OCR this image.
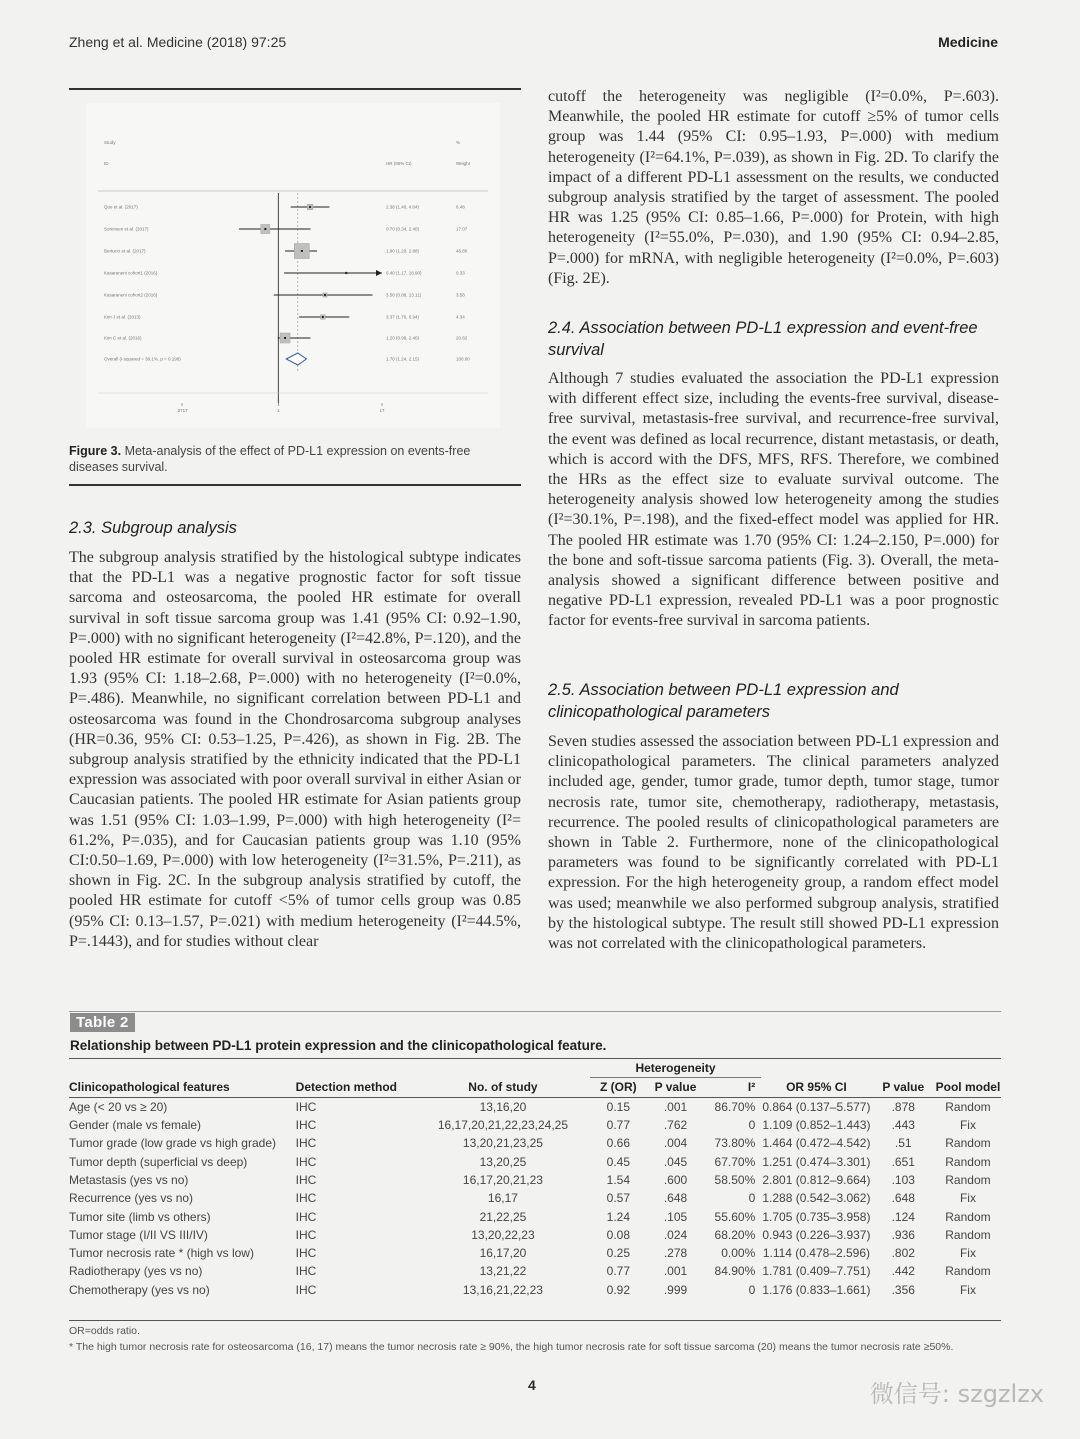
Zheng et al. Medicine (2018) 97:25	Medicine
Study
ID	HR (95% CI)
%
Weight
Que et al. (2017)	2.38 (1.40, 4.04)	6.48
Sorensen et al. (2017)	0.70 (0.34, 2.40)	17.07
Bertucci et al. (2017)	1.90 (1.20, 2.88)	46.80
Kasaraneni cohort1 (2016)	6.40 (1.17, 18.90)	0.33
Kasaraneni cohort2 (2016)	3.58 (0.88, 13.11)	3.58
Kim J et al. (2013)	3.37 (1.76, 6.94)	4.34
Kim C et al. (2016)	1.20 (0.98, 2.40)	20.82
Overall (I-squared = 30.1%, p = 0.198)	1.70 (1.24, 2.15)	100.00
.0717	1	17
Figure 3. Meta-analysis of the effect of PD-L1 expression on events-free diseases survival.
2.3. Subgroup analysis
The subgroup analysis stratified by the histological subtype indicates that the PD-L1 was a negative prognostic factor for soft tissue sarcoma and osteosarcoma, the pooled HR estimate for overall survival in soft tissue sarcoma group was 1.41 (95% CI: 0.92–1.90, P=.000) with no significant heterogeneity (I²=42.8%, P=.120), and the pooled HR estimate for overall survival in osteosarcoma group was 1.93 (95% CI: 1.18–2.68, P=.000) with no heterogeneity (I²=0.0%, P=.486). Meanwhile, no significant correlation between PD-L1 and osteosarcoma was found in the Chondrosarcoma subgroup analyses (HR=0.36, 95% CI: 0.53–1.25, P=.426), as shown in Fig. 2B. The subgroup analysis stratified by the ethnicity indicated that the PD-L1 expression was associated with poor overall survival in either Asian or Caucasian patients. The pooled HR estimate for Asian patients group was 1.51 (95% CI: 1.03–1.99, P=.000) with high heterogeneity (I²= 61.2%, P=.035), and for Caucasian patients group was 1.10 (95% CI:0.50–1.69, P=.000) with low heterogeneity (I²=31.5%, P=.211), as shown in Fig. 2C. In the subgroup analysis stratified by cutoff, the pooled HR estimate for cutoff <5% of tumor cells group was 0.85 (95% CI: 0.13–1.57, P=.021) with medium heterogeneity (I²=44.5%, P=.1443), and for studies without clear
cutoff the heterogeneity was negligible (I²=0.0%, P=.603). Meanwhile, the pooled HR estimate for cutoff ≥5% of tumor cells group was 1.44 (95% CI: 0.95–1.93, P=.000) with medium heterogeneity (I²=64.1%, P=.039), as shown in Fig. 2D. To clarify the impact of a different PD-L1 assessment on the results, we conducted subgroup analysis stratified by the target of assessment. The pooled HR was 1.25 (95% CI: 0.85–1.66, P=.000) for Protein, with high heterogeneity (I²=55.0%, P=.030), and 1.90 (95% CI: 0.94–2.85, P=.000) for mRNA, with negligible heterogeneity (I²=0.0%, P=.603) (Fig. 2E).
2.4. Association between PD-L1 expression and event-free survival
Although 7 studies evaluated the association the PD-L1 expression with different effect size, including the events-free survival, disease-free survival, metastasis-free survival, and recurrence-free survival, the event was defined as local recurrence, distant metastasis, or death, which is accord with the DFS, MFS, RFS. Therefore, we combined the HRs as the effect size to evaluate survival outcome. The heterogeneity analysis showed low heterogeneity among the studies (I²=30.1%, P=.198), and the fixed-effect model was applied for HR. The pooled HR estimate was 1.70 (95% CI: 1.24–2.150, P=.000) for the bone and soft-tissue sarcoma patients (Fig. 3). Overall, the meta-analysis showed a significant difference between positive and negative PD-L1 expression, revealed PD-L1 was a poor prognostic factor for events-free survival in sarcoma patients.
2.5. Association between PD-L1 expression and clinicopathological parameters
Seven studies assessed the association between PD-L1 expression and clinicopathological parameters. The clinical parameters analyzed included age, gender, tumor grade, tumor depth, tumor stage, tumor necrosis rate, tumor site, chemotherapy, radiotherapy, metastasis, recurrence. The pooled results of clinicopathological parameters are shown in Table 2. Furthermore, none of the clinicopathological parameters was found to be significantly correlated with PD-L1 expression. For the high heterogeneity group, a random effect model was used; meanwhile we also performed subgroup analysis, stratified by the histological subtype. The result still showed PD-L1 expression was not correlated with the clinicopathological parameters.
Table 2
Relationship between PD-L1 protein expression and the clinicopathological feature.
			Heterogeneity					
Clinicopathological features	Detection method	No. of study	Z (OR)	P value	I²	OR 95% CI	P value	Pool model
Age (< 20 vs ≥ 20)	IHC	13,16,20	0.15	.001	86.70%	0.864 (0.137–5.577)	.878	Random
Gender (male vs female)	IHC	16,17,20,21,22,23,24,25	0.77	.762	0	1.109 (0.852–1.443)	.443	Fix
Tumor grade (low grade vs high grade)	IHC	13,20,21,23,25	0.66	.004	73.80%	1.464 (0.472–4.542)	.51	Random
Tumor depth (superficial vs deep)	IHC	13,20,25	0.45	.045	67.70%	1.251 (0.474–3.301)	.651	Random
Metastasis (yes vs no)	IHC	16,17,20,21,23	1.54	.600	58.50%	2.801 (0.812–9.664)	.103	Random
Recurrence (yes vs no)	IHC	16,17	0.57	.648	0	1.288 (0.542–3.062)	.648	Fix
Tumor site (limb vs others)	IHC	21,22,25	1.24	.105	55.60%	1.705 (0.735–3.958)	.124	Random
Tumor stage (I/II VS III/IV)	IHC	13,20,22,23	0.08	.024	68.20%	0.943 (0.226–3.937)	.936	Random
Tumor necrosis rate * (high vs low)	IHC	16,17,20	0.25	.278	0.00%	1.114 (0.478–2.596)	.802	Fix
Radiotherapy (yes vs no)	IHC	13,21,22	0.77	.001	84.90%	1.781 (0.409–7.751)	.442	Random
Chemotherapy (yes vs no)	IHC	13,16,21,22,23	0.92	.999	0	1.176 (0.833–1.661)	.356	Fix
OR=odds ratio.
* The high tumor necrosis rate for osteosarcoma (16, 17) means the tumor necrosis rate ≥ 90%, the high tumor necrosis rate for soft tissue sarcoma (20) means the tumor necrosis rate ≥50%.
4	微信号: szgzlzx
